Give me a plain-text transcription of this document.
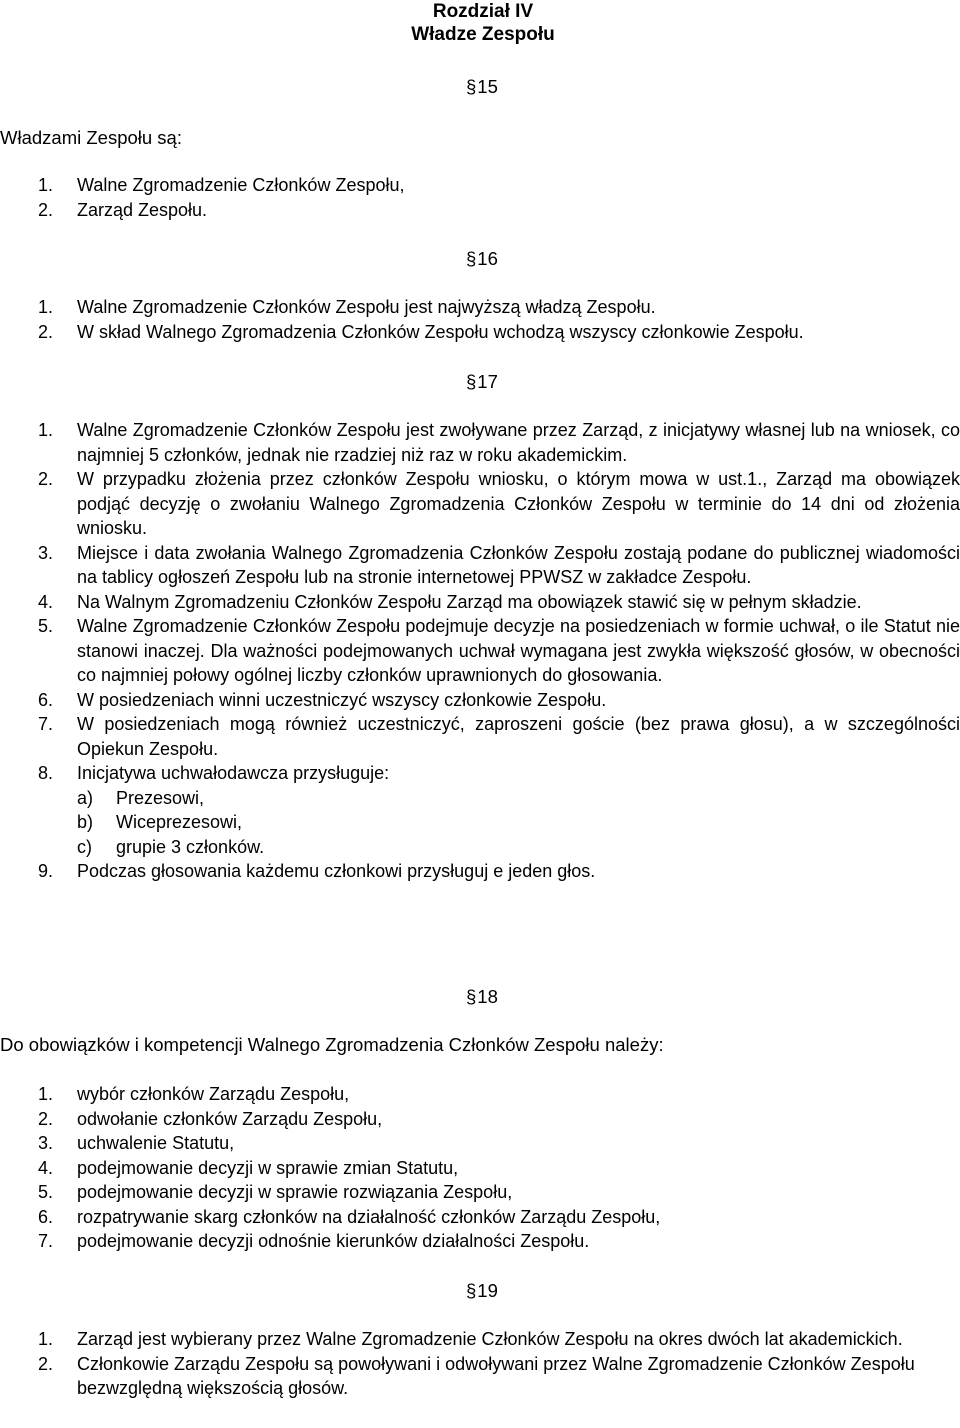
Rozdział IV
Władze Zespołu
§15
Władzami Zespołu są:
1. Walne Zgromadzenie Członków Zespołu,
2. Zarząd Zespołu.
§16
1. Walne Zgromadzenie Członków Zespołu jest najwyższą władzą Zespołu.
2. W skład Walnego Zgromadzenia Członków Zespołu wchodzą wszyscy członkowie Zespołu.
§17
1. Walne Zgromadzenie Członków Zespołu jest zwoływane przez Zarząd, z inicjatywy własnej lub na wniosek, co najmniej 5 członków, jednak nie rzadziej niż raz w roku akademickim.
2. W przypadku złożenia przez członków Zespołu wniosku, o którym mowa w ust.1., Zarząd ma obowiązek podjąć decyzję o zwołaniu Walnego Zgromadzenia Członków Zespołu w terminie do 14 dni od złożenia wniosku.
3. Miejsce i data zwołania Walnego Zgromadzenia Członków Zespołu zostają podane do publicznej wiadomości na tablicy ogłoszeń Zespołu lub na stronie internetowej PPWSZ w zakładce Zespołu.
4. Na Walnym Zgromadzeniu Członków Zespołu Zarząd ma obowiązek stawić się w pełnym składzie.
5. Walne Zgromadzenie Członków Zespołu podejmuje decyzje na posiedzeniach w formie uchwał, o ile Statut nie stanowi inaczej. Dla ważności podejmowanych uchwał wymagana jest zwykła większość głosów, w obecności co najmniej połowy ogólnej liczby członków uprawnionych do głosowania.
6. W posiedzeniach winni uczestniczyć wszyscy członkowie Zespołu.
7. W posiedzeniach mogą również uczestniczyć, zaproszeni goście (bez prawa głosu), a w szczególności Opiekun Zespołu.
8. Inicjatywa uchwałodawcza przysługuje:
a) Prezesowi,
b) Wiceprezesowi,
c) grupie 3 członków.
9. Podczas głosowania każdemu członkowi przysługuj e jeden głos.
§18
Do obowiązków i kompetencji Walnego Zgromadzenia Członków Zespołu należy:
1. wybór członków Zarządu Zespołu,
2. odwołanie członków Zarządu Zespołu,
3. uchwalenie Statutu,
4. podejmowanie decyzji w sprawie zmian Statutu,
5. podejmowanie decyzji w sprawie rozwiązania Zespołu,
6. rozpatrywanie skarg członków na działalność członków Zarządu Zespołu,
7. podejmowanie decyzji odnośnie kierunków działalności Zespołu.
§19
1. Zarząd jest wybierany przez Walne Zgromadzenie Członków Zespołu na okres dwóch lat akademickich.
2. Członkowie Zarządu Zespołu są powoływani i odwoływani przez Walne Zgromadzenie Członków Zespołu bezwzględną większością głosów.
